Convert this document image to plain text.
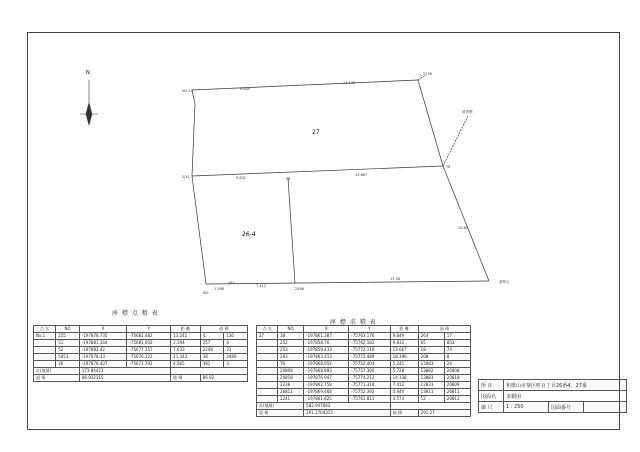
N
27
26-4
NO.12
2238
T6
2/11	55
NO
2598
262
境界標
基準点
9.809
14.138
9.832
13.667
1.598
7.412
13.38
10.81
座 標 点 精 表
点 名	NO	X	Y	距 離	面 積	
No.1	255	-197878.735	-75681.482	13.242	4.	130
	51	-197881.344	-75681.002	2.394	257	4
	52	-197882.42	-75677.357	7.633	2248	23
	5051	-197878.43	-75676.122	11.343	38	2489
	26	-197878.437	-75671.791	4.565	381	3
計(地積)		173.84423				
面 積		86.922115		地 積	86.92	
座 標 求 積 表
点 名	NO	X	Y	距 離	面 積	
27	38	-197861.387	-75763.176	9.849	264	17
	252	-197858.76	-75762.182	9.832	65	853
	253	-197859.433	-75772.118	13.667	18	74
	293	-197863.413	-75772.489	18.396	208	8
	T6	-197868.954	-75752.404	5.241	13083	24
	20808	-197868.893	-75757.300	5.728	13882	20808
	20818	-197876.947	-75774.212	14.138	13883	20818
	2238	-197862.758	-75771.318	7.412	12833	20809
	26811	-197869.468	-75752.392	4.444	13811	26811
	2241	-197861.825	-75761.811	4.574	52	20813
計(地積)		582.947063				
面 積		291.2704315		地 積	291.27	
所 在	和歌山市葵区町百丁目26番4、27番		
図面名	求積図		
縮 尺	1 : 250	図面番号	
